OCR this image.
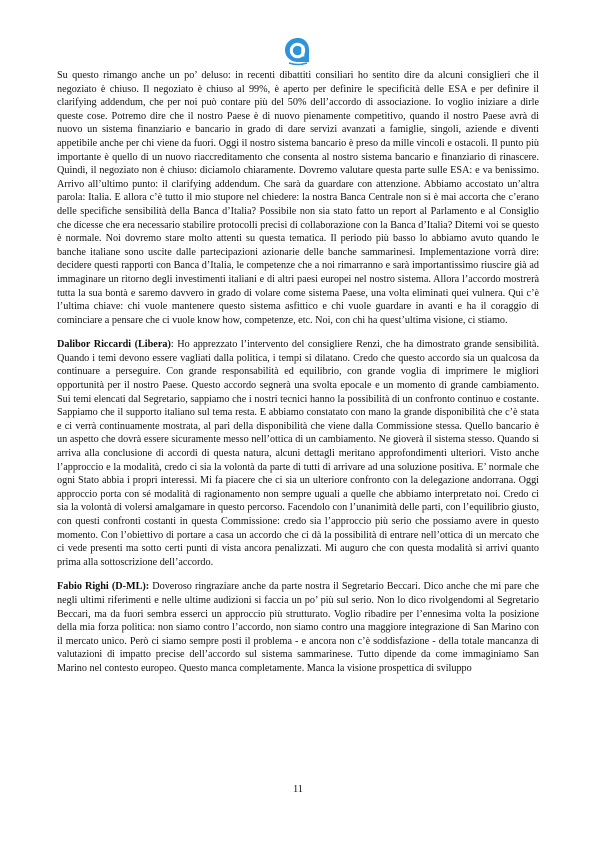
Su questo rimango anche un po’ deluso: in recenti dibattiti consiliari ho sentito dire da alcuni consiglieri che il negoziato è chiuso. Il negoziato è chiuso al 99%, è aperto per definire le specificità delle ESA e per definire il clarifying addendum, che per noi può contare più del 50% dell’accordo di associazione. Io voglio iniziare a dirle queste cose. Potremo dire che il nostro Paese è di nuovo pienamente competitivo, quando il nostro Paese avrà di nuovo un sistema finanziario e bancario in grado di dare servizi avanzati a famiglie, singoli, aziende e diventi appetibile anche per chi viene da fuori. Oggi il nostro sistema bancario è preso da mille vincoli e ostacoli. Il punto più importante è quello di un nuovo riaccreditamento che consenta al nostro sistema bancario e finanziario di rinascere. Quindi, il negoziato non è chiuso: diciamolo chiaramente. Dovremo valutare questa parte sulle ESA: e va benissimo. Arrivo all’ultimo punto: il clarifying addendum. Che sarà da guardare con attenzione. Abbiamo accostato un’altra parola: Italia. E allora c’è tutto il mio stupore nel chiedere: la nostra Banca Centrale non si è mai accorta che c’erano delle specifiche sensibilità della Banca d’Italia? Possibile non sia stato fatto un report al Parlamento e al Consiglio che dicesse che era necessario stabilire protocolli precisi di collaborazione con la Banca d’Italia? Ditemi voi se questo è normale. Noi dovremo stare molto attenti su questa tematica. Il periodo più basso lo abbiamo avuto quando le banche italiane sono uscite dalle partecipazioni azionarie delle banche sammarinesi. Implementazione vorrà dire: decidere questi rapporti con Banca d’Italia, le competenze che a noi rimarranno e sarà importantissimo riuscire già ad immaginare un ritorno degli investimenti italiani e di altri paesi europei nel nostro sistema. Allora l’accordo mostrerà tutta la sua bontà e saremo davvero in grado di volare come sistema Paese, una volta eliminati quei vulnera. Qui c’è l’ultima chiave: chi vuole mantenere questo sistema asfittico e chi vuole guardare in avanti e ha il coraggio di cominciare a pensare che ci vuole know how, competenze, etc. Noi, con chi ha quest’ultima visione, ci stiamo.

Dalibor Riccardi (Libera): Ho apprezzato l’intervento del consigliere Renzi, che ha dimostrato grande sensibilità. Quando i temi devono essere vagliati dalla politica, i tempi si dilatano. Credo che questo accordo sia un qualcosa da continuare a perseguire. Con grande responsabilità ed equilibrio, con grande voglia di imprimere le migliori opportunità per il nostro Paese. Questo accordo segnerà una svolta epocale e un momento di grande cambiamento. Sui temi elencati dal Segretario, sappiamo che i nostri tecnici hanno la possibilità di un confronto continuo e costante. Sappiamo che il supporto italiano sul tema resta. E abbiamo constatato con mano la grande disponibilità che c’è stata e ci verrà continuamente mostrata, al pari della disponibilità che viene dalla Commissione stessa. Quello bancario è un aspetto che dovrà essere sicuramente messo nell’ottica di un cambiamento. Ne gioverà il sistema stesso. Quando si arriva alla conclusione di accordi di questa natura, alcuni dettagli meritano approfondimenti ulteriori. Visto anche l’approccio e la modalità, credo ci sia la volontà da parte di tutti di arrivare ad una soluzione positiva. E’ normale che ogni Stato abbia i propri interessi. Mi fa piacere che ci sia un ulteriore confronto con la delegazione andorrana. Oggi approccio porta con sé modalità di ragionamento non sempre uguali a quelle che abbiamo interpretato noi. Credo ci sia la volontà di volersi amalgamare in questo percorso. Facendolo con l’unanimità delle parti, con l’equilibrio giusto, con questi confronti costanti in questa Commissione: credo sia l’approccio più serio che possiamo avere in questo momento. Con l’obiettivo di portare a casa un accordo che ci dà la possibilità di entrare nell’ottica di un mercato che ci vede presenti ma sotto certi punti di vista ancora penalizzati. Mi auguro che con questa modalità si arrivi quanto prima alla sottoscrizione dell’accordo.

Fabio Righi (D-ML): Doveroso ringraziare anche da parte nostra il Segretario Beccari. Dico anche che mi pare che negli ultimi riferimenti e nelle ultime audizioni si faccia un po’ più sul serio. Non lo dico rivolgendomi al Segretario Beccari, ma da fuori sembra esserci un approccio più strutturato. Voglio ribadire per l’ennesima volta la posizione della mia forza politica: non siamo contro l’accordo, non siamo contro una maggiore integrazione di San Marino con il mercato unico. Però ci siamo sempre posti il problema - e ancora non c’è soddisfazione - della totale mancanza di valutazioni di impatto precise dell’accordo sul sistema sammarinese. Tutto dipende da come immaginiamo San Marino nel contesto europeo. Questo manca completamente. Manca la visione prospettica di sviluppo

11
